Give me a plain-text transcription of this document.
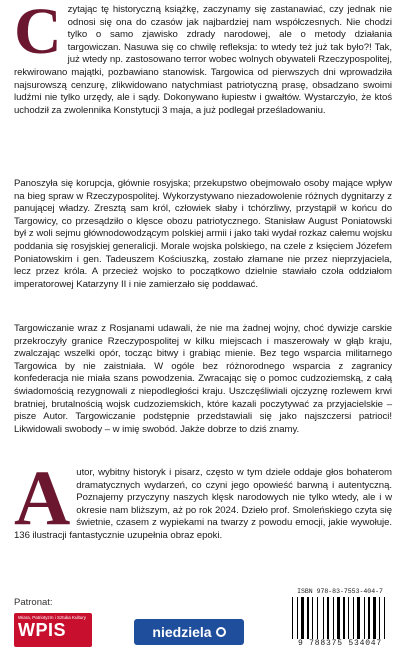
Czytając tę historyczną książkę, zaczynamy się zastanawiać, czy jednak nie odnosi się ona do czasów jak najbardziej nam współczesnych. Nie chodzi tylko o samo zjawisko zdrady narodowej, ale o metody działania targowiczan. Nasuwa się co chwilę refleksja: to wtedy też już tak było?! Tak, już wtedy np. zastosowano terror wobec wolnych obywateli Rzeczypospolitej, rekwirowano majątki, pozbawiano stanowisk. Targowica od pierwszych dni wprowadziła najsurowszą cenzurę, zlikwidowano natychmiast patriotyczną prasę, obsadzano swoimi ludźmi nie tylko urzędy, ale i sądy. Dokonywano łupiestw i gwałtów. Wystarczyło, że ktoś uchodził za zwolennika Konstytucji 3 maja, a już podlegał prześladowaniu.
Panoszyła się korupcja, głównie rosyjska; przekupstwo obejmowało osoby mające wpływ na bieg spraw w Rzeczypospolitej. Wykorzystywano niezadowolenie różnych dygnitarzy z panującej władzy. Zresztą sam król, człowiek słaby i tchórzliwy, przystąpił w końcu do Targowicy, co przesądziło o klęsce obozu patriotycznego. Stanisław August Poniatowski był z woli sejmu głównodowodzącym polskiej armii i jako taki wydał rozkaz całemu wojsku poddania się rosyjskiej generalicji. Morale wojska polskiego, na czele z księciem Józefem Poniatowskim i gen. Tadeuszem Kościuszką, zostało złamane nie przez nieprzyjaciela, lecz przez króla. A przecież wojsko to początkowo dzielnie stawiało czoła oddziałom imperatorowej Katarzyny II i nie zamierzało się poddawać.
Targowiczanie wraz z Rosjanami udawali, że nie ma żadnej wojny, choć dywizje carskie przekroczyły granice Rzeczypospolitej w kilku miejscach i maszerowały w głąb kraju, zwalczając wszelki opór, tocząc bitwy i grabiąc mienie. Bez tego wsparcia militarnego Targowica by nie zaistniała. W ogóle bez różnorodnego wsparcia z zagranicy konfederacja nie miała szans powodzenia. Zwracając się o pomoc cudzoziemską, z całą świadomością rezygnowali z niepodległości kraju. Uszczęśliwiali ojczyznę rozlewem krwi bratniej, brutalnością wojsk cudzoziemskich, które kazali poczytywać za przyjacielskie – pisze Autor. Targowiczanie podstępnie przedstawiali się jako najszczersi patrioci! Likwidowali swobody – w imię swobód. Jakże dobrze to dziś znamy.
Autor, wybitny historyk i pisarz, często w tym dziele oddaje głos bohaterom dramatycznych wydarzeń, co czyni jego opowieść barwną i autentyczną. Poznajemy przyczyny naszych klęsk narodowych nie tylko wtedy, ale i w okresie nam bliższym, aż po rok 2024. Dzieło prof. Smoleńskiego czyta się świetnie, czasem z wypiekami na twarzy z powodu emocji, jakie wywołuje. 136 ilustracji fantastycznie uzupełnia obraz epoki.
Patronat:
Wiara, Patriotyzm i Sztuka Kultury
WPIS	niedziela
ISBN 978-83-7553-404-7
9 788375 534047
